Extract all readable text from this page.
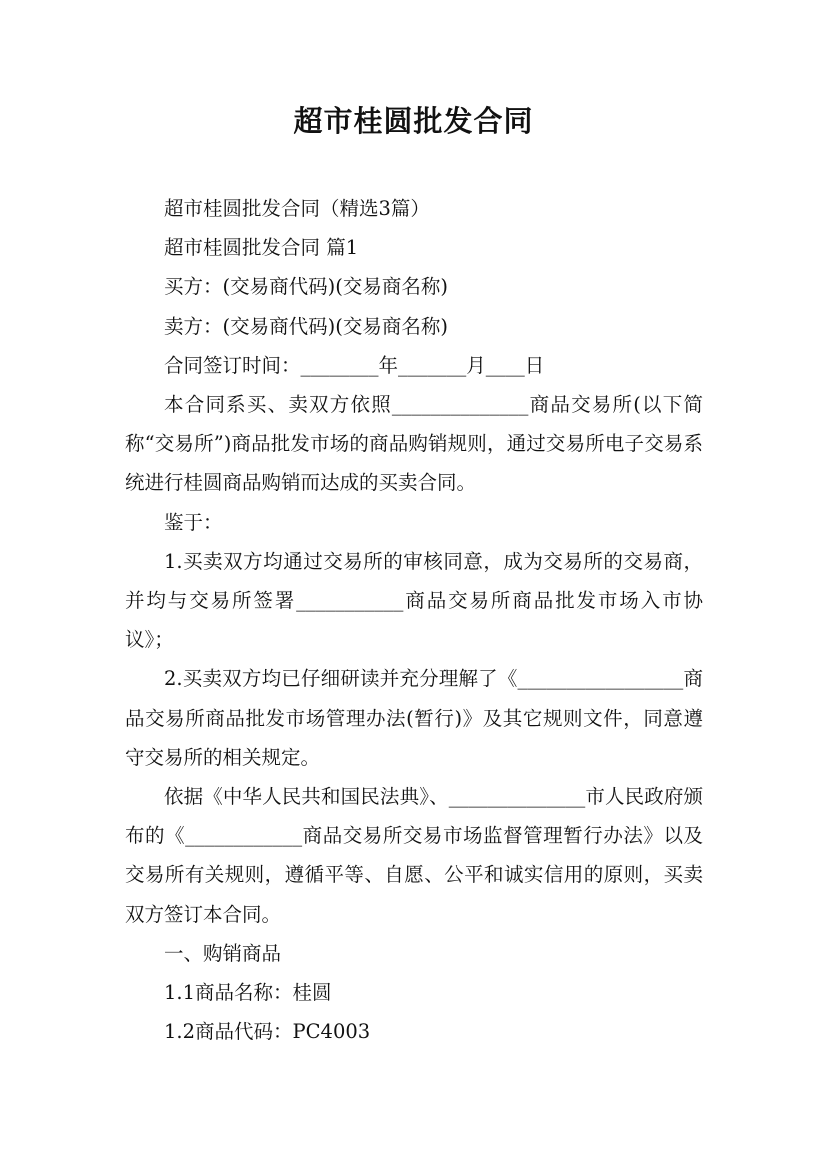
超市桂圆批发合同

超市桂圆批发合同（精选3篇）

超市桂圆批发合同 篇1

买方：(交易商代码)(交易商名称)

卖方：(交易商代码)(交易商名称)

合同签订时间：________年_______月____日

本合同系买、卖双方依照______________商品交易所(以下简称“交易所”)商品批发市场的商品购销规则，通过交易所电子交易系统进行桂圆商品购销而达成的买卖合同。

鉴于：

1.买卖双方均通过交易所的审核同意，成为交易所的交易商，并均与交易所签署___________商品交易所商品批发市场入市协议》；

2.买卖双方均已仔细研读并充分理解了《_________________商品交易所商品批发市场管理办法(暂行)》及其它规则文件，同意遵守交易所的相关规定。

依据《中华人民共和国民法典》、______________市人民政府颁布的《____________商品交易所交易市场监督管理暂行办法》以及交易所有关规则，遵循平等、自愿、公平和诚实信用的原则，买卖双方签订本合同。

一、购销商品

1.1商品名称：桂圆

1.2商品代码：PC4003
